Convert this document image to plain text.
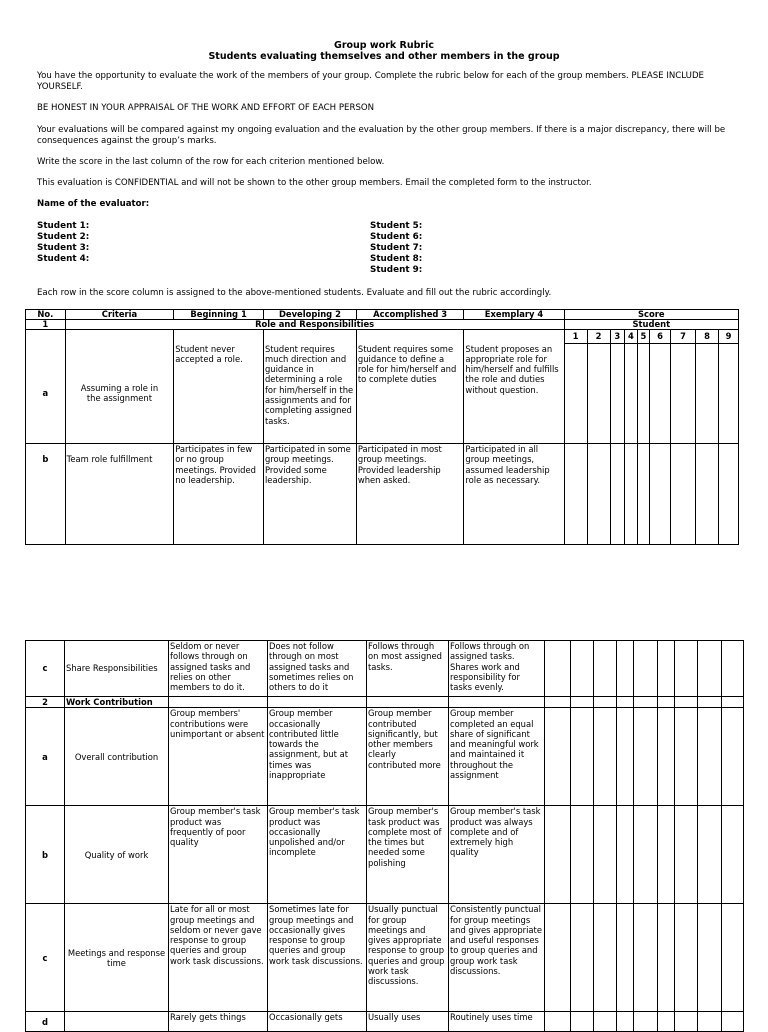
Group work Rubric
Students evaluating themselves and other members in the group
You have the opportunity to evaluate the work of the members of your group. Complete the rubric below for each of the group members. PLEASE INCLUDE YOURSELF.
BE HONEST IN YOUR APPRAISAL OF THE WORK AND EFFORT OF EACH PERSON
Your evaluations will be compared against my ongoing evaluation and the evaluation by the other group members. If there is a major discrepancy, there will be consequences against the group’s marks.
Write the score in the last column of the row for each criterion mentioned below.
This evaluation is CONFIDENTIAL and will not be shown to the other group members. Email the completed form to the instructor.
Name of the evaluator:
Student 1:
Student 2:
Student 3:
Student 4:
Student 5:
Student 6:
Student 7:
Student 8:
Student 9:
Each row in the score column is assigned to the above-mentioned students. Evaluate and fill out the rubric accordingly.
No.	Criteria	Beginning 1	Developing 2	Accomplished 3	Exemplary 4	Score								
1	Role and Responsibilities					Student								
						1	2	3	4	5	6	7	8	9
a	Assuming a role in the assignment	Student never accepted a role.	Student requires much direction and guidance in determining a role for him/herself in the assignments and for completing assigned tasks.	Student requires some guidance to define a role for him/herself and to complete duties	Student proposes an appropriate role for him/herself and fulfills the role and duties without question.									
b	Team role fulfillment	Participates in few or no group meetings. Provided no leadership.	Participated in some group meetings. Provided some leadership.	Participated in most group meetings. Provided leadership when asked.	Participated in all group meetings, assumed leadership role as necessary.									
c	Share Responsibilities	Seldom or never follows through on assigned tasks and relies on other members to do it.	Does not follow through on most assigned tasks and sometimes relies on others to do it	Follows through on most assigned tasks.	Follows through on assigned tasks. Shares work and responsibility for tasks evenly.									
2	Work Contribution													
a	Overall contribution	Group members' contributions were unimportant or absent	Group member occasionally contributed little towards the assignment, but at times was inappropriate	Group member contributed significantly, but other members clearly contributed more	Group member completed an equal share of significant and meaningful work and maintained it throughout the assignment									
b	Quality of work	Group member's task product was frequently of poor quality	Group member's task product was occasionally unpolished and/or incomplete	Group member's task product was complete most of the times but needed some polishing	Group member's task product was always complete and of extremely high quality									
c	Meetings and response time	Late for all or most group meetings and seldom or never gave response to group queries and group work task discussions.	Sometimes late for group meetings and occasionally gives response to group queries and group work task discussions.	Usually punctual for group meetings and gives appropriate response to group queries and group work task discussions.	Consistently punctual for group meetings and gives appropriate and useful responses to group queries and group work task discussions.									
d		Rarely gets things	Occasionally gets	Usually uses	Routinely uses time									
